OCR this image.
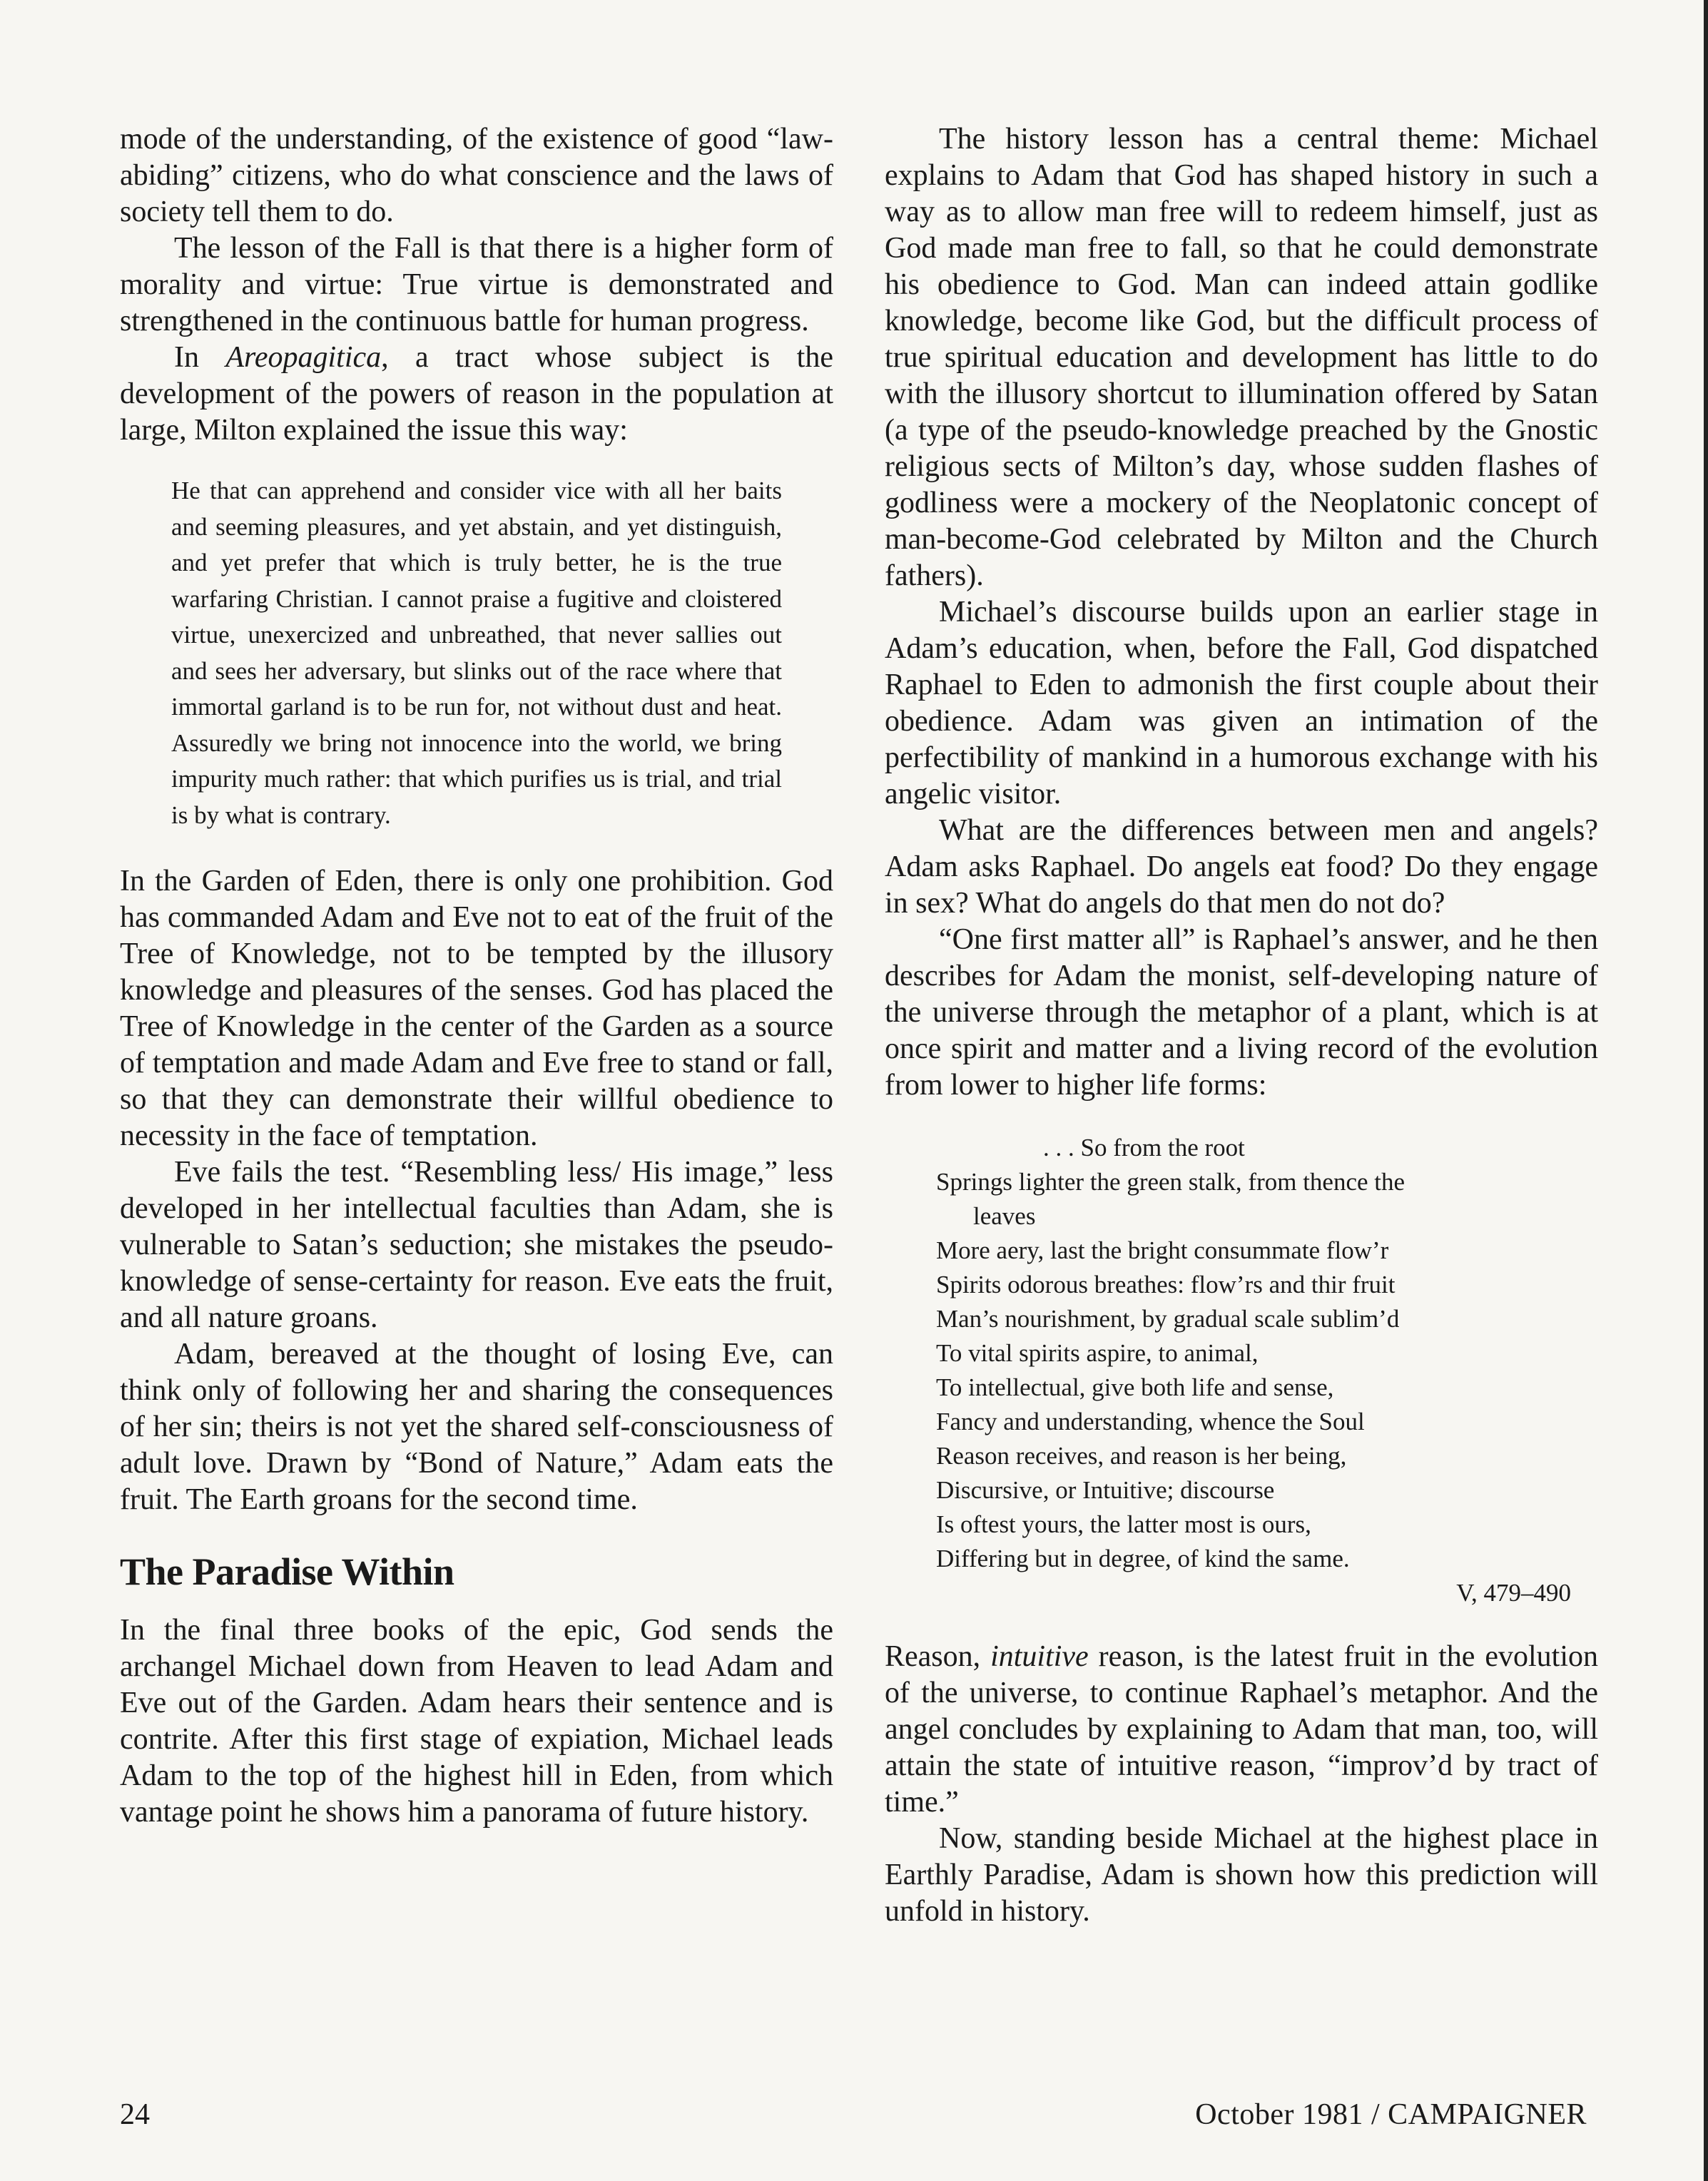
mode of the understanding, of the existence of good “law-abiding” citizens, who do what conscience and the laws of society tell them to do.

The lesson of the Fall is that there is a higher form of morality and virtue: True virtue is demonstrated and strengthened in the continuous battle for human progress.

In Areopagitica, a tract whose subject is the development of the powers of reason in the population at large, Milton explained the issue this way:

He that can apprehend and consider vice with all her baits and seeming pleasures, and yet abstain, and yet distinguish, and yet prefer that which is truly better, he is the true warfaring Christian. I cannot praise a fugitive and cloistered virtue, unexercized and unbreathed, that never sallies out and sees her adversary, but slinks out of the race where that immortal garland is to be run for, not without dust and heat. Assuredly we bring not innocence into the world, we bring impurity much rather: that which purifies us is trial, and trial is by what is contrary.

In the Garden of Eden, there is only one prohibition. God has commanded Adam and Eve not to eat of the fruit of the Tree of Knowledge, not to be tempted by the illusory knowledge and pleasures of the senses. God has placed the Tree of Knowledge in the center of the Garden as a source of temptation and made Adam and Eve free to stand or fall, so that they can demonstrate their willful obedience to necessity in the face of temptation.

Eve fails the test. “Resembling less/ His image,” less developed in her intellectual faculties than Adam, she is vulnerable to Satan’s seduction; she mistakes the pseudo-knowledge of sense-certainty for reason. Eve eats the fruit, and all nature groans.

Adam, bereaved at the thought of losing Eve, can think only of following her and sharing the consequences of her sin; theirs is not yet the shared self-consciousness of adult love. Drawn by “Bond of Nature,” Adam eats the fruit. The Earth groans for the second time.

The Paradise Within

In the final three books of the epic, God sends the archangel Michael down from Heaven to lead Adam and Eve out of the Garden. Adam hears their sentence and is contrite. After this first stage of expiation, Michael leads Adam to the top of the highest hill in Eden, from which vantage point he shows him a panorama of future history.

The history lesson has a central theme: Michael explains to Adam that God has shaped history in such a way as to allow man free will to redeem himself, just as God made man free to fall, so that he could demonstrate his obedience to God. Man can indeed attain godlike knowledge, become like God, but the difficult process of true spiritual education and development has little to do with the illusory shortcut to illumination offered by Satan (a type of the pseudo-knowledge preached by the Gnostic religious sects of Milton’s day, whose sudden flashes of godliness were a mockery of the Neoplatonic concept of man-become-God celebrated by Milton and the Church fathers).

Michael’s discourse builds upon an earlier stage in Adam’s education, when, before the Fall, God dispatched Raphael to Eden to admonish the first couple about their obedience. Adam was given an intimation of the perfectibility of mankind in a humorous exchange with his angelic visitor.

What are the differences between men and angels? Adam asks Raphael. Do angels eat food? Do they engage in sex? What do angels do that men do not do?

“One first matter all” is Raphael’s answer, and he then describes for Adam the monist, self-developing nature of the universe through the metaphor of a plant, which is at once spirit and matter and a living record of the evolution from lower to higher life forms:

. . . So from the root
Springs lighter the green stalk, from thence the
leaves
More aery, last the bright consummate flow’r
Spirits odorous breathes: flow’rs and thir fruit
Man’s nourishment, by gradual scale sublim’d
To vital spirits aspire, to animal,
To intellectual, give both life and sense,
Fancy and understanding, whence the Soul
Reason receives, and reason is her being,
Discursive, or Intuitive; discourse
Is oftest yours, the latter most is ours,
Differing but in degree, of kind the same.
V, 479–490

Reason, intuitive reason, is the latest fruit in the evolution of the universe, to continue Raphael’s metaphor. And the angel concludes by explaining to Adam that man, too, will attain the state of intuitive reason, “improv’d by tract of time.”

Now, standing beside Michael at the highest place in Earthly Paradise, Adam is shown how this prediction will unfold in history.

24	October 1981 / CAMPAIGNER
